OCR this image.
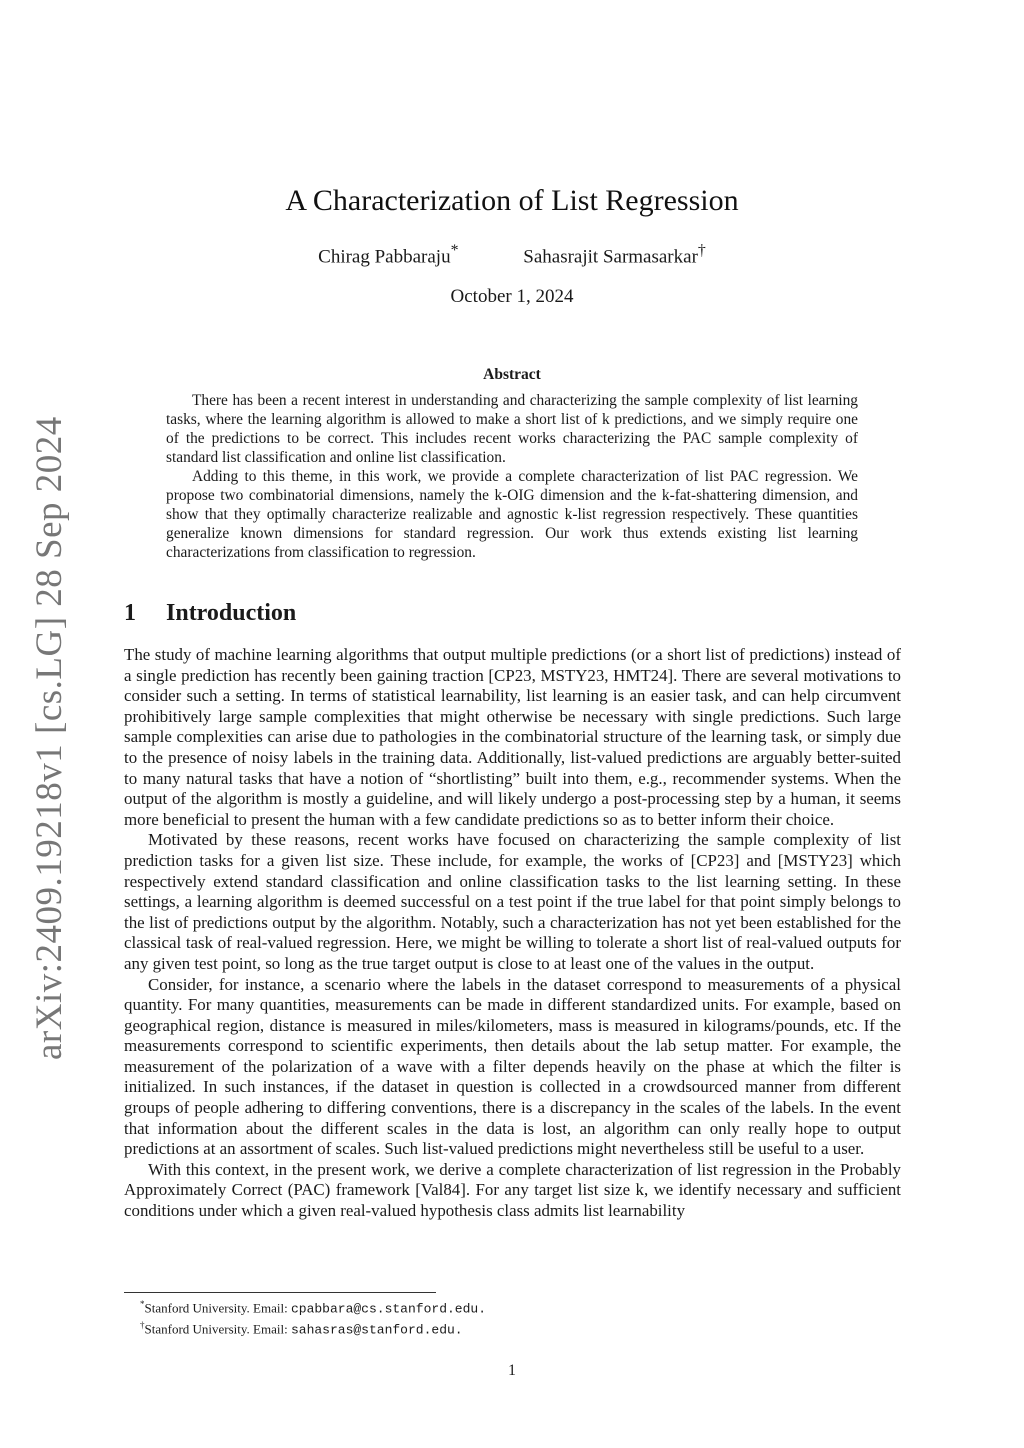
arXiv:2409.19218v1 [cs.LG] 28 Sep 2024
A Characterization of List Regression
Chirag Pabbaraju*	Sahasrajit Sarmasarkar†
October 1, 2024
Abstract

There has been a recent interest in understanding and characterizing the sample complexity of list learning tasks, where the learning algorithm is allowed to make a short list of k predictions, and we simply require one of the predictions to be correct. This includes recent works characterizing the PAC sample complexity of standard list classification and online list classification.

Adding to this theme, in this work, we provide a complete characterization of list PAC regression. We propose two combinatorial dimensions, namely the k-OIG dimension and the k-fat-shattering dimension, and show that they optimally characterize realizable and agnostic k-list regression respectively. These quantities generalize known dimensions for standard regression. Our work thus extends existing list learning characterizations from classification to regression.

1 Introduction

The study of machine learning algorithms that output multiple predictions (or a short list of predictions) instead of a single prediction has recently been gaining traction [CP23, MSTY23, HMT24]. There are several motivations to consider such a setting. In terms of statistical learnability, list learning is an easier task, and can help circumvent prohibitively large sample complexities that might otherwise be necessary with single predictions. Such large sample complexities can arise due to pathologies in the combinatorial structure of the learning task, or simply due to the presence of noisy labels in the training data. Additionally, list-valued predictions are arguably better-suited to many natural tasks that have a notion of “shortlisting” built into them, e.g., recommender systems. When the output of the algorithm is mostly a guideline, and will likely undergo a post-processing step by a human, it seems more beneficial to present the human with a few candidate predictions so as to better inform their choice.

Motivated by these reasons, recent works have focused on characterizing the sample complexity of list prediction tasks for a given list size. These include, for example, the works of [CP23] and [MSTY23] which respectively extend standard classification and online classification tasks to the list learning setting. In these settings, a learning algorithm is deemed successful on a test point if the true label for that point simply belongs to the list of predictions output by the algorithm. Notably, such a characterization has not yet been established for the classical task of real-valued regression. Here, we might be willing to tolerate a short list of real-valued outputs for any given test point, so long as the true target output is close to at least one of the values in the output.

Consider, for instance, a scenario where the labels in the dataset correspond to measurements of a physical quantity. For many quantities, measurements can be made in different standardized units. For example, based on geographical region, distance is measured in miles/kilometers, mass is measured in kilograms/pounds, etc. If the measurements correspond to scientific experiments, then details about the lab setup matter. For example, the measurement of the polarization of a wave with a filter depends heavily on the phase at which the filter is initialized. In such instances, if the dataset in question is collected in a crowdsourced manner from different groups of people adhering to differing conventions, there is a discrepancy in the scales of the labels. In the event that information about the different scales in the data is lost, an algorithm can only really hope to output predictions at an assortment of scales. Such list-valued predictions might nevertheless still be useful to a user.

With this context, in the present work, we derive a complete characterization of list regression in the Probably Approximately Correct (PAC) framework [Val84]. For any target list size k, we identify necessary and sufficient conditions under which a given real-valued hypothesis class admits list learnability

*Stanford University. Email: cpabbara@cs.stanford.edu.
†Stanford University. Email: sahasras@stanford.edu.
1
